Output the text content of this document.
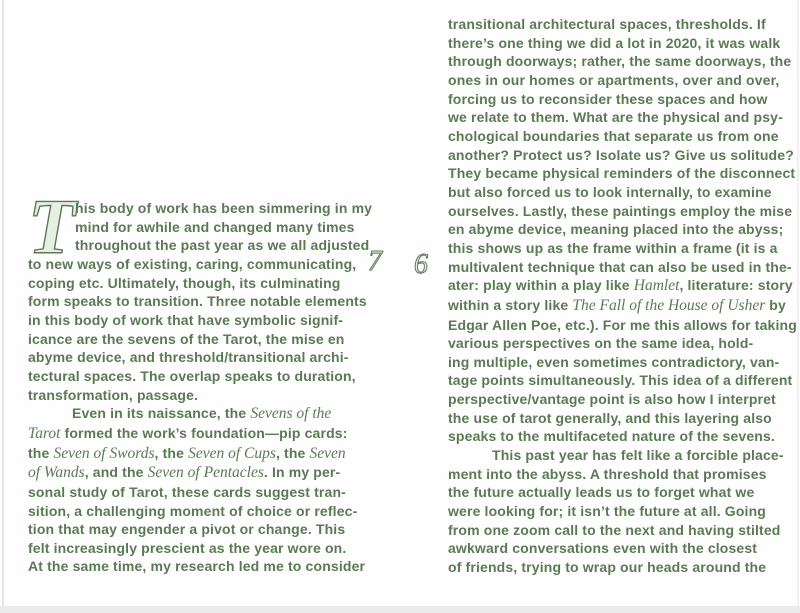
7 6
T his body of work has been simmering in my
mind for awhile and changed many times
throughout the past year as we all adjusted
to new ways of existing, caring, communicating,
coping etc. Ultimately, though, its culminating
form speaks to transition. Three notable elements
in this body of work that have symbolic signif-
icance are the sevens of the Tarot, the mise en
abyme device, and threshold/transitional archi-
tectural spaces. The overlap speaks to duration,
transformation, passage.
Even in its naissance, the Sevens of the
Tarot formed the work’s foundation—pip cards:
the Seven of Swords, the Seven of Cups, the Seven
of Wands, and the Seven of Pentacles. In my per-
sonal study of Tarot, these cards suggest tran-
sition, a challenging moment of choice or reflec-
tion that may engender a pivot or change. This
felt increasingly prescient as the year wore on.
At the same time, my research led me to consider
transitional architectural spaces, thresholds. If
there’s one thing we did a lot in 2020, it was walk
through doorways; rather, the same doorways, the
ones in our homes or apartments, over and over,
forcing us to reconsider these spaces and how
we relate to them. What are the physical and psy-
chological boundaries that separate us from one
another? Protect us? Isolate us? Give us solitude?
They became physical reminders of the disconnect
but also forced us to look internally, to examine
ourselves. Lastly, these paintings employ the mise
en abyme device, meaning placed into the abyss;
this shows up as the frame within a frame (it is a
multivalent technique that can also be used in the-
ater: play within a play like Hamlet, literature: story
within a story like The Fall of the House of Usher by
Edgar Allen Poe, etc.). For me this allows for taking
various perspectives on the same idea, hold-
ing multiple, even sometimes contradictory, van-
tage points simultaneously. This idea of a different
perspective/vantage point is also how I interpret
the use of tarot generally, and this layering also
speaks to the multifaceted nature of the sevens.
This past year has felt like a forcible place-
ment into the abyss. A threshold that promises
the future actually leads us to forget what we
were looking for; it isn’t the future at all. Going
from one zoom call to the next and having stilted
awkward conversations even with the closest
of friends, trying to wrap our heads around the
